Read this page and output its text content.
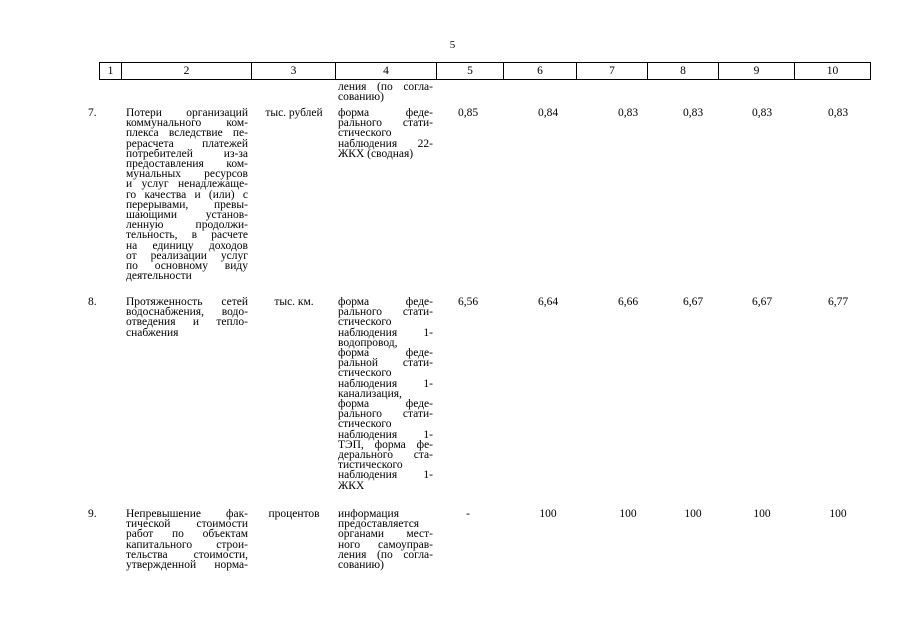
5
1	2	3	4	5	6	7	8	9	10
ления (по согла-
сованию)
7.	Потери организаций
коммунального ком-
плекса вследствие пе-
рерасчета платежей
потребителей из-за
предоставления ком-
мунальных ресурсов
и услуг ненадлежаще-
го качества и (или) с
перерывами, превы-
шающими установ-
ленную продолжи-
тельность, в расчете
на единицу доходов
от реализации услуг
по основному виду
деятельности
тыс. рублей	форма феде-
рального стати-
стического
наблюдения 22-
ЖКХ (сводная)
0,85	0,84	0,83	0,83	0,83	0,83
8.	Протяженность сетей
водоснабжения, водо-
отведения и тепло-
снабжения
тыс. км.	форма феде-
рального стати-
стического
наблюдения 1-
водопровод,
форма феде-
ральной стати-
стического
наблюдения 1-
канализация,
форма феде-
рального стати-
стического
наблюдения 1-
ТЭП, форма фе-
дерального ста-
тистического
наблюдения 1-
ЖКХ
6,56	6,64	6,66	6,67	6,67	6,77
9.	Непревышение фак-
тической стоимости
работ по объектам
капитального строи-
тельства стоимости,
утвержденной норма-
процентов	информация
предоставляется
органами мест-
ного самоуправ-
ления (по согла-
сованию)
-	100	100	100	100	100
